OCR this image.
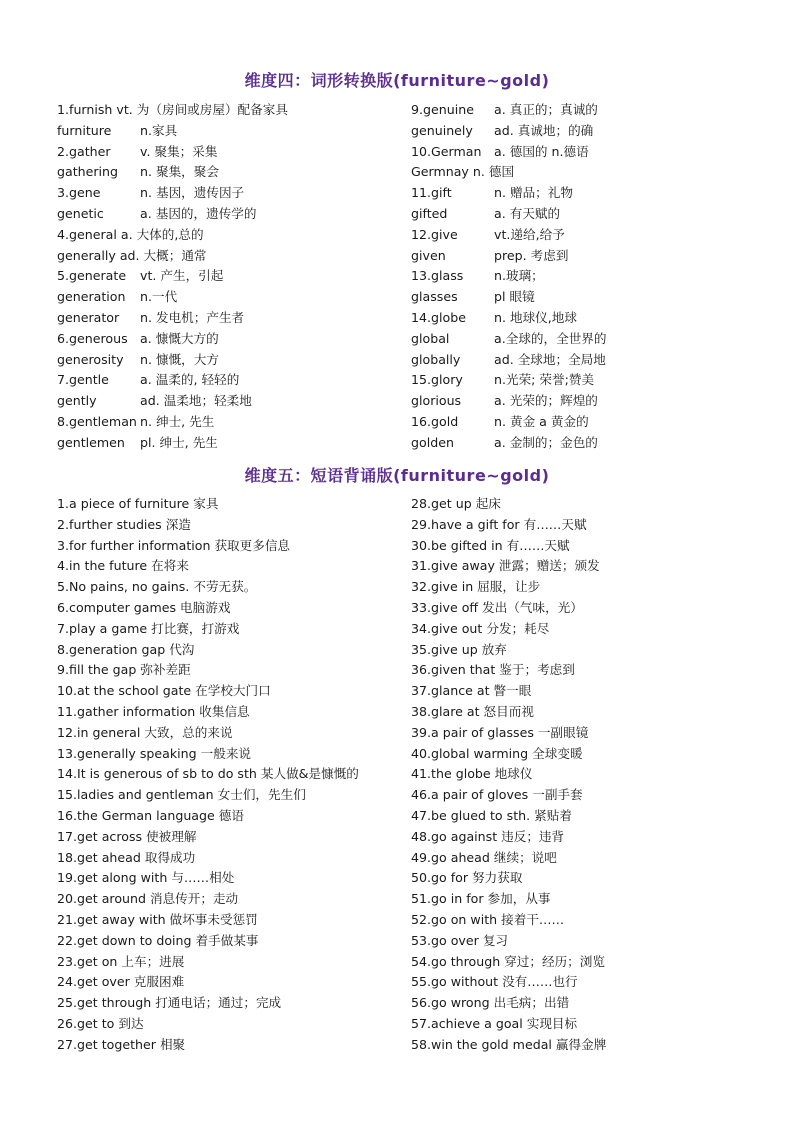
维度四：词形转换版(furniture~gold)
1.furnish vt. 为（房间或房屋）配备家具
furniture n.家具
2.gather v. 聚集；采集
gathering n. 聚集，聚会
3.gene	n. 基因，遗传因子
genetic	a. 基因的，遗传学的
4.general a. 大体的,总的
generally ad. 大概；通常
5.generate vt. 产生，引起
generation n.一代
generator n. 发电机；产生者
6.generous a. 慷慨大方的
generosity n. 慷慨，大方
7.gentle a. 温柔的, 轻轻的
gently	ad. 温柔地；轻柔地
8.gentleman n. 绅士, 先生
gentlemen pl. 绅士, 先生
9.genuine a. 真正的；真诚的
genuinely ad. 真诚地；的确
10.German a. 德国的 n.德语
Germnay n. 德国
11.gift	n. 赠品；礼物
gifted	a. 有天赋的
12.give	vt.递给,给予
given	prep. 考虑到
13.glass n.玻璃；
glasses	pl 眼镜
14.globe n. 地球仪,地球
global	a.全球的，全世界的
globally	ad. 全球地；全局地
15.glory n.光荣; 荣誉;赞美
glorious	a. 光荣的；辉煌的
16.gold	n. 黄金 a 黄金的
golden	a. 金制的；金色的
维度五：短语背诵版(furniture~gold)
1.a piece of furniture 家具
2.further studies 深造
3.for further information 获取更多信息
4.in the future 在将来
5.No pains, no gains. 不劳无获。
6.computer games 电脑游戏
7.play a game 打比赛，打游戏
8.generation gap 代沟
9.fill the gap 弥补差距
10.at the school gate 在学校大门口
11.gather information 收集信息
12.in general 大致，总的来说
13.generally speaking 一般来说
14.It is generous of sb to do sth 某人做&是慷慨的
15.ladies and gentleman 女士们，先生们
16.the German language 德语
17.get across 使被理解
18.get ahead 取得成功
19.get along with 与……相处
20.get around 消息传开；走动
21.get away with 做坏事未受惩罚
22.get down to doing 着手做某事
23.get on 上车；进展
24.get over 克服困难
25.get through 打通电话；通过；完成
26.get to 到达
27.get together 相聚
28.get up 起床
29.have a gift for 有……天赋
30.be gifted in 有……天赋
31.give away 泄露；赠送；颁发
32.give in 屈服，让步
33.give off 发出（气味，光）
34.give out 分发；耗尽
35.give up 放弃
36.given that 鉴于；考虑到
37.glance at 瞥一眼
38.glare at 怒目而视
39.a pair of glasses 一副眼镜
40.global warming 全球变暖
41.the globe 地球仪
46.a pair of gloves 一副手套
47.be glued to sth. 紧贴着
48.go against 违反；违背
49.go ahead 继续；说吧
50.go for 努力获取
51.go in for 参加，从事
52.go on with 接着干……
53.go over 复习
54.go through 穿过；经历；浏览
55.go without 没有……也行
56.go wrong 出毛病；出错
57.achieve a goal 实现目标
58.win the gold medal 赢得金牌
